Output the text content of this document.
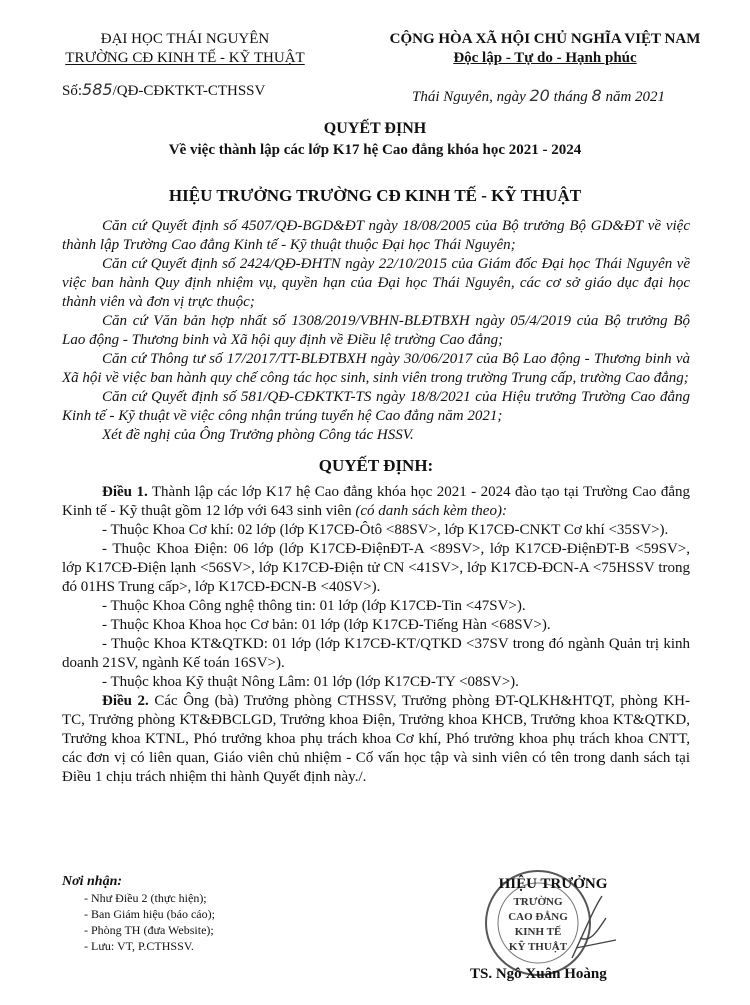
ĐẠI HỌC THÁI NGUYÊN
TRƯỜNG CĐ KINH TẾ - KỸ THUẬT
CỘNG HÒA XÃ HỘI CHỦ NGHĨA VIỆT NAM
Độc lập - Tự do - Hạnh phúc
Số:585/QĐ-CĐKTKT-CTHSSV	Thái Nguyên, ngày 20 tháng 8 năm 2021
QUYẾT ĐỊNH
Về việc thành lập các lớp K17 hệ Cao đẳng khóa học 2021 - 2024
HIỆU TRƯỞNG TRƯỜNG CĐ KINH TẾ - KỸ THUẬT

Căn cứ Quyết định số 4507/QĐ-BGD&ĐT ngày 18/08/2005 của Bộ trưởng Bộ GD&ĐT về việc thành lập Trường Cao đẳng Kinh tế - Kỹ thuật thuộc Đại học Thái Nguyên;

Căn cứ Quyết định số 2424/QĐ-ĐHTN ngày 22/10/2015 của Giám đốc Đại học Thái Nguyên về việc ban hành Quy định nhiệm vụ, quyền hạn của Đại học Thái Nguyên, các cơ sở giáo dục đại học thành viên và đơn vị trực thuộc;

Căn cứ Văn bản hợp nhất số 1308/2019/VBHN-BLĐTBXH ngày 05/4/2019 của Bộ trưởng Bộ Lao động - Thương binh và Xã hội quy định về Điều lệ trường Cao đẳng;

Căn cứ Thông tư số 17/2017/TT-BLĐTBXH ngày 30/06/2017 của Bộ Lao động - Thương binh và Xã hội về việc ban hành quy chế công tác học sinh, sinh viên trong trường Trung cấp, trường Cao đẳng;

Căn cứ Quyết định số 581/QĐ-CĐKTKT-TS ngày 18/8/2021 của Hiệu trưởng Trường Cao đẳng Kinh tế - Kỹ thuật về việc công nhận trúng tuyển hệ Cao đẳng năm 2021;

Xét đề nghị của Ông Trưởng phòng Công tác HSSV.

QUYẾT ĐỊNH:

Điều 1. Thành lập các lớp K17 hệ Cao đẳng khóa học 2021 - 2024 đào tạo tại Trường Cao đẳng Kinh tế - Kỹ thuật gồm 12 lớp với 643 sinh viên (có danh sách kèm theo):

- Thuộc Khoa Cơ khí: 02 lớp (lớp K17CĐ-Ôtô <88SV>, lớp K17CĐ-CNKT Cơ khí <35SV>).

- Thuộc Khoa Điện: 06 lớp (lớp K17CĐ-ĐiệnĐT-A <89SV>, lớp K17CĐ-ĐiệnĐT-B <59SV>, lớp K17CĐ-Điện lạnh <56SV>, lớp K17CĐ-Điện tử CN <41SV>, lớp K17CĐ-ĐCN-A <75HSSV trong đó 01HS Trung cấp>, lớp K17CĐ-ĐCN-B <40SV>).

- Thuộc Khoa Công nghệ thông tin: 01 lớp (lớp K17CĐ-Tin <47SV>).

- Thuộc Khoa Khoa học Cơ bản: 01 lớp (lớp K17CĐ-Tiếng Hàn <68SV>).

- Thuộc Khoa KT&QTKD: 01 lớp (lớp K17CĐ-KT/QTKD <37SV trong đó ngành Quản trị kinh doanh 21SV, ngành Kế toán 16SV>).

- Thuộc khoa Kỹ thuật Nông Lâm: 01 lớp (lớp K17CĐ-TY <08SV>).

Điều 2. Các Ông (bà) Trưởng phòng CTHSSV, Trưởng phòng ĐT-QLKH&HTQT, phòng KH-TC, Trưởng phòng KT&ĐBCLGD, Trưởng khoa Điện, Trưởng khoa KHCB, Trưởng khoa KT&QTKD, Trưởng khoa KTNL, Phó trưởng khoa phụ trách khoa Cơ khí, Phó trưởng khoa phụ trách khoa CNTT, các đơn vị có liên quan, Giáo viên chủ nhiệm - Cố vấn học tập và sinh viên có tên trong danh sách tại Điều 1 chịu trách nhiệm thi hành Quyết định này./.

Nơi nhận:
- Như Điều 2 (thực hiện);
- Ban Giám hiệu (báo cáo);
- Phòng TH (đưa Website);
- Lưu: VT, P.CTHSSV.
TRƯỜNG
CAO ĐẲNG
KINH TẾ
KỸ THUẬT
HIỆU TRƯỞNG
TS. Ngô Xuân Hoàng
